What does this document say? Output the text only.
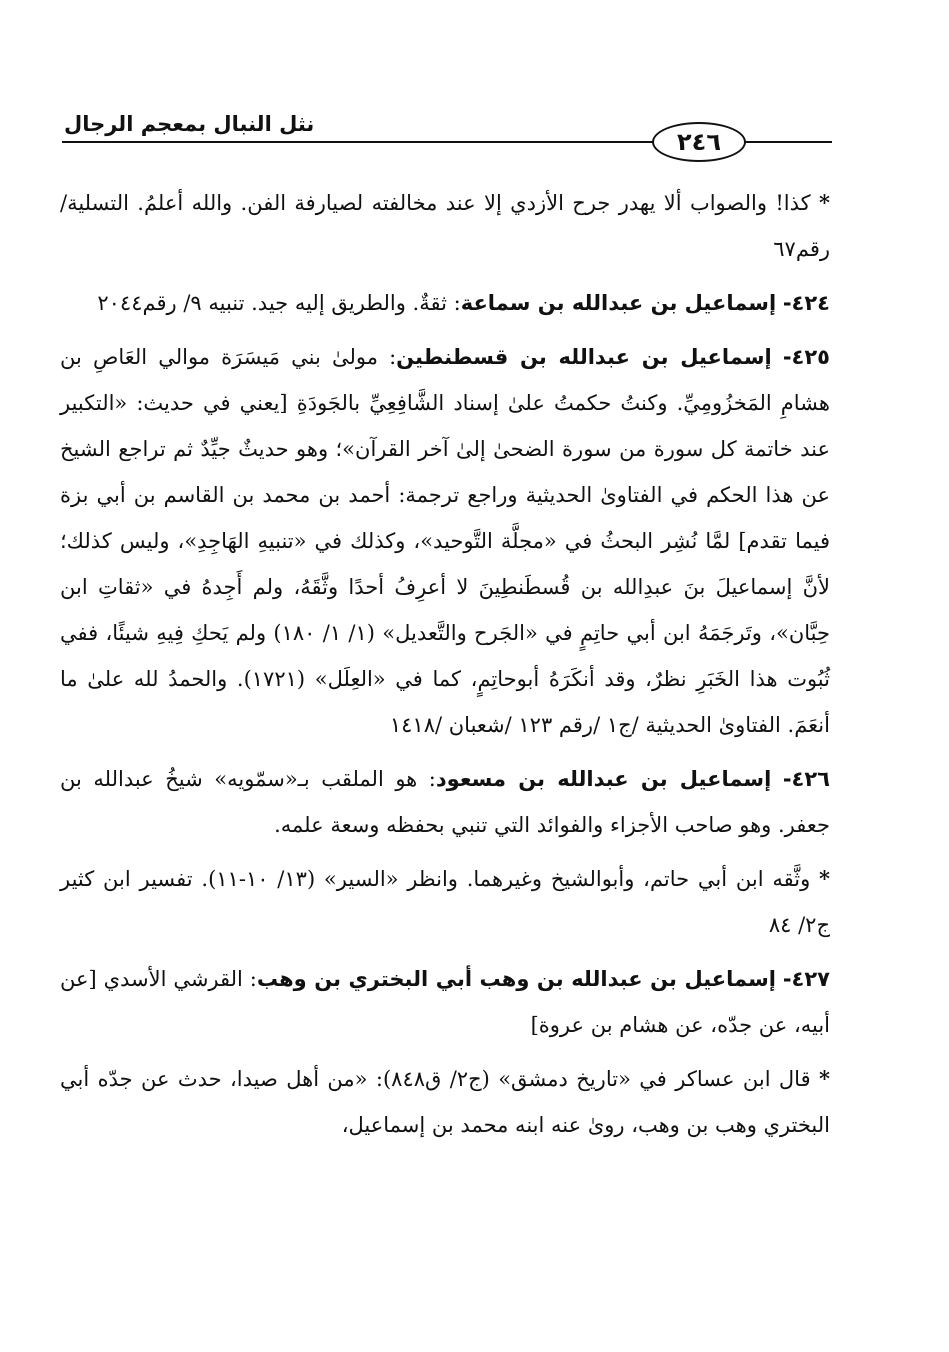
نثل النبال بمعجم الرجال
٢٤٦

* كذا! والصواب ألا يهدر جرح الأزدي إلا عند مخالفته لصيارفة الفن. والله أعلمُ. التسلية/ رقم٦٧

٤٢٤- إسماعيل بن عبدالله بن سماعة: ثقةٌ. والطريق إليه جيد. تنبيه ٩/ رقم٢٠٤٤

٤٢٥- إسماعيل بن عبدالله بن قسطنطين: مولىٰ بني مَيسَرَة موالي العَاصِ بن هشامِ المَخزُومِيِّ. وكنتُ حكمتُ علىٰ إسناد الشَّافِعِيِّ بالجَودَةِ [يعني في حديث: «التكبير عند خاتمة كل سورة من سورة الضحىٰ إلىٰ آخر القرآن»؛ وهو حديثٌ جيِّدٌ ثم تراجع الشيخ عن هذا الحكم في الفتاوىٰ الحديثية وراجع ترجمة: أحمد بن محمد بن القاسم بن أبي بزة فيما تقدم] لمَّا نُشِر البحثُ في «مجلَّة التَّوحيد»، وكذلك في «تنبيهِ الهَاجِدِ»، وليس كذلك؛ لأنَّ إسماعيلَ بنَ عبدِالله بن قُسطَنطِينَ لا أعرِفُ أحدًا وثَّقَهُ، ولم أَجِدهُ في «ثقاتِ ابن حِبَّان»، وتَرجَمَهُ ابن أبي حاتِمٍ في «الجَرح والتَّعديل» (١/ ١/ ١٨٠) ولم يَحكِ فِيهِ شيئًا، ففي ثُبُوت هذا الخَبَرِ نظرٌ، وقد أنكَرَهُ أبوحاتِمٍ، كما في «العِلَل» (١٧٢١). والحمدُ لله علىٰ ما أنعَمَ. الفتاوىٰ الحديثية /ج١ /رقم ١٢٣ /شعبان /١٤١٨

٤٢٦- إسماعيل بن عبدالله بن مسعود: هو الملقب بـ«سمّويه» شيخُ عبدالله بن جعفر. وهو صاحب الأجزاء والفوائد التي تنبي بحفظه وسعة علمه.

* وثَّقه ابن أبي حاتم، وأبوالشيخ وغيرهما. وانظر «السير» (١٣/ ١٠-١١). تفسير ابن كثير ج٢/ ٨٤

٤٢٧- إسماعيل بن عبدالله بن وهب أبي البختري بن وهب: القرشي الأسدي [عن أبيه، عن جدّه، عن هشام بن عروة]

* قال ابن عساكر في «تاريخ دمشق» (ج٢/ ق٨٤٨): «من أهل صيدا، حدث عن جدّه أبي البختري وهب بن وهب، روىٰ عنه ابنه محمد بن إسماعيل،
